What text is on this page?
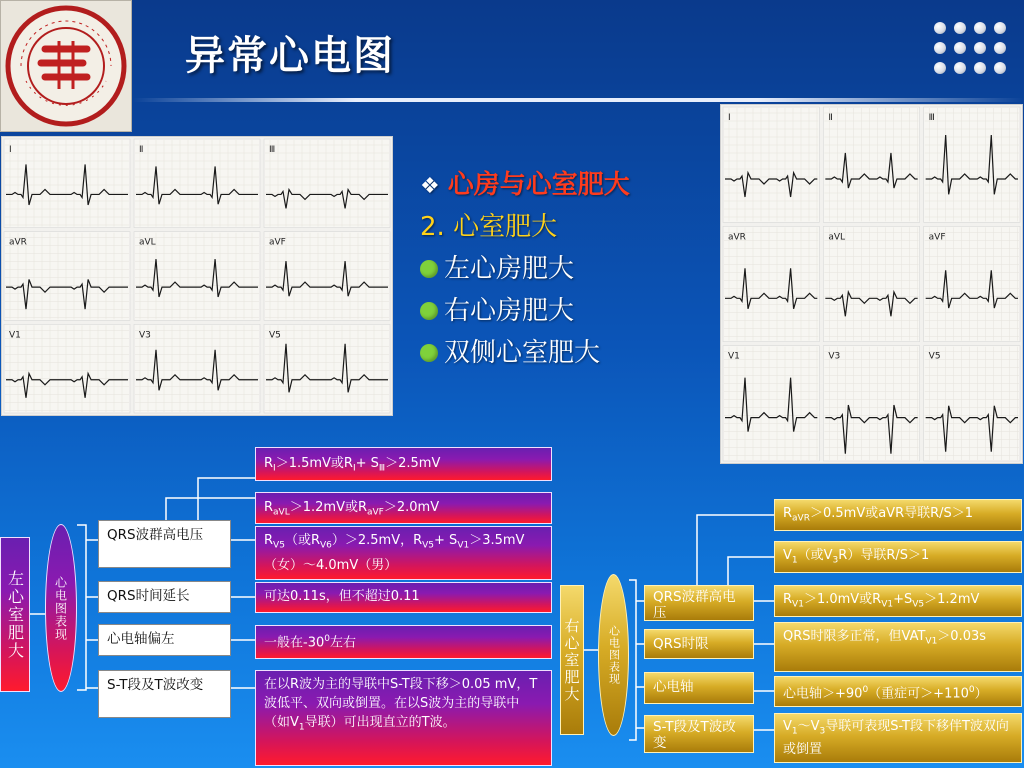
异常心电图
Ⅰ	Ⅱ	Ⅲ
aVR	aVL	aVF
V1	V3	V5
Ⅰ	Ⅱ	Ⅲ
aVR	aVL	aVF
V1	V3	V5
❖ 心房与心室肥大
2. 心室肥大
左心房肥大
右心房肥大
双侧心室肥大
左心室肥大	心电图表现
QRS波群高电压
QRS时间延长
心电轴偏左
S-T段及T波改变
$R_Ⅰ>1.5mV$或$R_Ⅰ+ S_Ⅲ>2.5mV$
$R_{aVL}>1.2mV$或$R_{aVF}>2.0mV$
$R_{V5}$（或$R_{V6})>2.5mV$，$R_{V5}+ S_{V1}>3.5mV$（女）～4.0mV（男）
可达0.11s，但不超过0.11
一般在$-30^0$左右
在以R波为主的导联中S-T段下移＞0.05 mV，T波低平、双向或倒置。在以S波为主的导联中（如$V_1$导联）可出现直立的T波。
右心室肥大	心电图表现
QRS波群高电压
QRS时限
心电轴
S-T段及T波改变
$R_{aVR}>0.5mV$或aVR导联R/S＞1
$V_1$（或$V_3R$）导联R/S＞1
$R_{V1}>1.0mV$或$R_{V1}+S_{V5}>1.2mV$
QRS时限多正常，但$VAT_{V1}>0.03s$
心电轴$>+90^0$（重症可$>+110^0$）
$V_1\sim V_3$导联可表现S-T段下移伴T波双向或倒置
